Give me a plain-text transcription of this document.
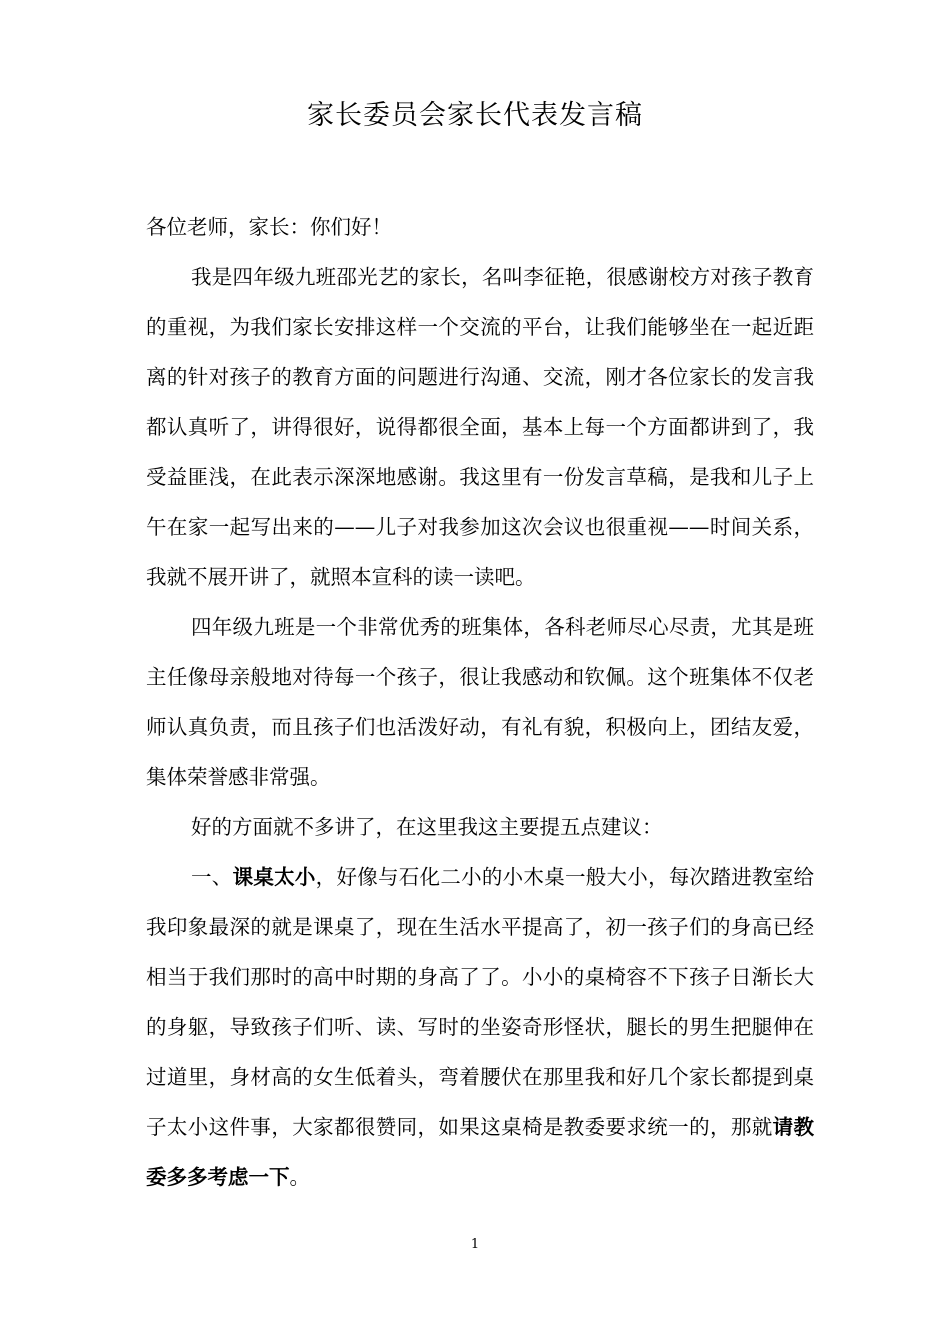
家长委员会家长代表发言稿

各位老师，家长：你们好！

我是四年级九班邵光艺的家长，名叫李征艳，很感谢校方对孩子教育的重视，为我们家长安排这样一个交流的平台，让我们能够坐在一起近距离的针对孩子的教育方面的问题进行沟通、交流，刚才各位家长的发言我都认真听了，讲得很好，说得都很全面，基本上每一个方面都讲到了，我受益匪浅，在此表示深深地感谢。我这里有一份发言草稿，是我和儿子上午在家一起写出来的——儿子对我参加这次会议也很重视——时间关系，我就不展开讲了，就照本宣科的读一读吧。

四年级九班是一个非常优秀的班集体，各科老师尽心尽责，尤其是班主任像母亲般地对待每一个孩子，很让我感动和钦佩。这个班集体不仅老师认真负责，而且孩子们也活泼好动，有礼有貌，积极向上，团结友爱，集体荣誉感非常强。

好的方面就不多讲了，在这里我这主要提五点建议：

一、课桌太小，好像与石化二小的小木桌一般大小，每次踏进教室给我印象最深的就是课桌了，现在生活水平提高了，初一孩子们的身高已经相当于我们那时的高中时期的身高了了。小小的桌椅容不下孩子日渐长大的身躯，导致孩子们听、读、写时的坐姿奇形怪状，腿长的男生把腿伸在过道里，身材高的女生低着头，弯着腰伏在那里我和好几个家长都提到桌子太小这件事，大家都很赞同，如果这桌椅是教委要求统一的，那就请教委多多考虑一下。

1
